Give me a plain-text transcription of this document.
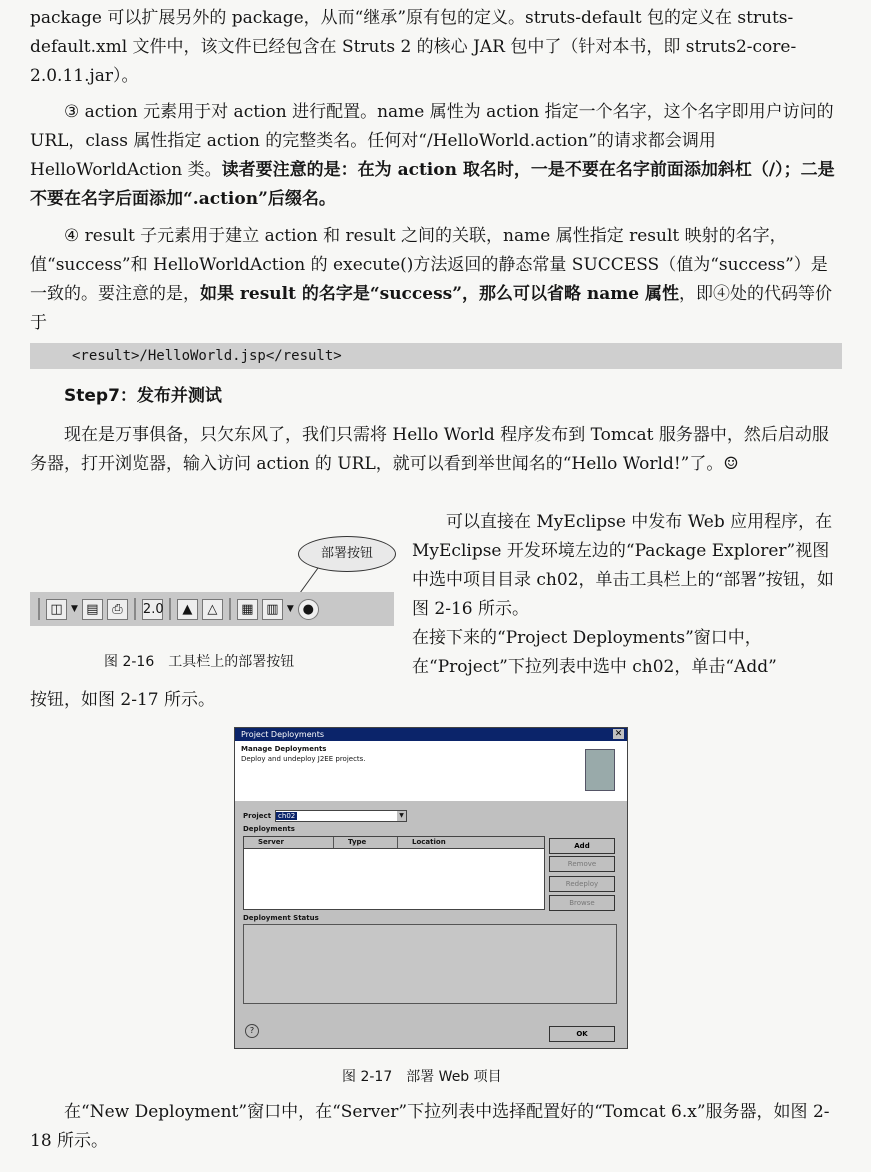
package 可以扩展另外的 package，从而“继承”原有包的定义。struts-default 包的定义在 struts-default.xml 文件中，该文件已经包含在 Struts 2 的核心 JAR 包中了（针对本书，即 struts2-core-2.0.11.jar）。

③ action 元素用于对 action 进行配置。name 属性为 action 指定一个名字，这个名字即用户访问的 URL，class 属性指定 action 的完整类名。任何对“/HelloWorld.action”的请求都会调用 HelloWorldAction 类。读者要注意的是：在为 action 取名时，一是不要在名字前面添加斜杠（/）；二是不要在名字后面添加“.action”后缀名。

④ result 子元素用于建立 action 和 result 之间的关联，name 属性指定 result 映射的名字，值“success”和 HelloWorldAction 的 execute()方法返回的静态常量 SUCCESS（值为“success”）是一致的。要注意的是，如果 result 的名字是“success”，那么可以省略 name 属性，即④处的代码等价于

<result>/HelloWorld.jsp</result>
Step7：发布并测试

现在是万事俱备，只欠东风了，我们只需将 Hello World 程序发布到 Tomcat 服务器中，然后启动服务器，打开浏览器，输入访问 action 的 URL，就可以看到举世闻名的“Hello World!”了。☺

可以直接在 MyEclipse 中发布 Web 应用程序，在 MyEclipse 开发环境左边的“Package Explorer”视图中选中项目目录 ch02，单击工具栏上的“部署”按钮，如图 2-16 所示。
在接下来的“Project Deployments”窗口中，在“Project”下拉列表中选中 ch02，单击“Add”

部署按钮
◫ ▼ ▤	⎙	2.0	▲	△	▦ ▥ ▼ ●
图 2-16　工具栏上的部署按钮

按钮，如图 2-17 所示。

Project Deployments	✕
Manage Deployments
Deploy and undeploy J2EE projects.
Project	ch02	▼
Deployments
Server	Type	Location	Add
Remove
Redeploy
Browse
Deployment Status
?	OK
图 2-17　部署 Web 项目

在“New Deployment”窗口中，在“Server”下拉列表中选择配置好的“Tomcat 6.x”服务器，如图 2-18 所示。
